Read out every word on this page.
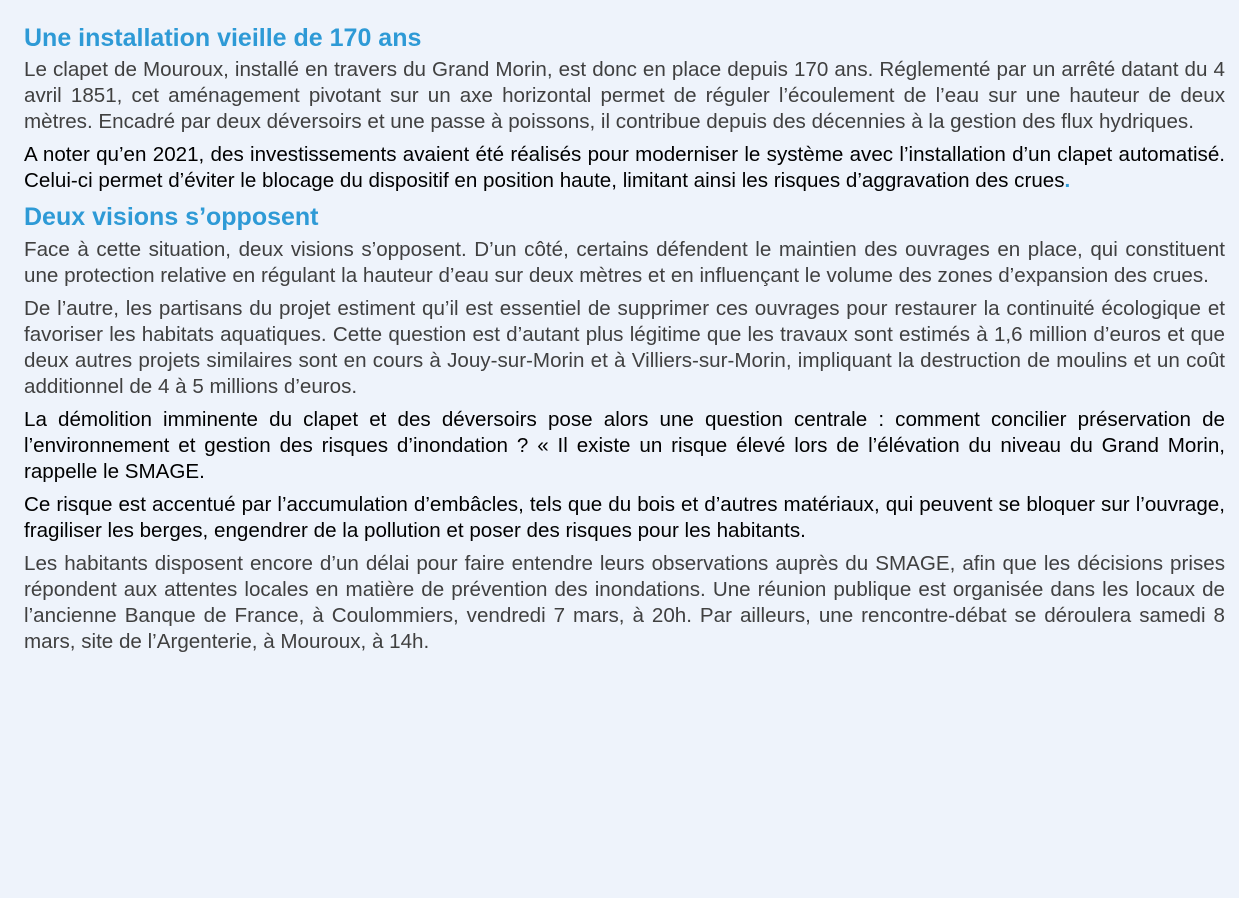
Une installation vieille de 170 ans

Le clapet de Mouroux, installé en travers du Grand Morin, est donc en place depuis 170 ans. Réglementé par un arrêté datant du 4 avril 1851, cet aménagement pivotant sur un axe horizontal permet de réguler l’écoulement de l’eau sur une hauteur de deux mètres. Encadré par deux déversoirs et une passe à poissons, il contribue depuis des décennies à la gestion des flux hydriques.

A noter qu’en 2021, des investissements avaient été réalisés pour moderniser le système avec l’installation d’un clapet automatisé. Celui-ci permet d’éviter le blocage du dispositif en position haute, limitant ainsi les risques d’aggravation des crues.

Deux visions s’opposent

Face à cette situation, deux visions s’opposent. D’un côté, certains défendent le maintien des ouvrages en place, qui constituent une protection relative en régulant la hauteur d’eau sur deux mètres et en influençant le volume des zones d’expansion des crues.

De l’autre, les partisans du projet estiment qu’il est essentiel de supprimer ces ouvrages pour restaurer la continuité écologique et favoriser les habitats aquatiques. Cette question est d’autant plus légitime que les travaux sont estimés à 1,6 million d’euros et que deux autres projets similaires sont en cours à Jouy-sur-Morin et à Villiers-sur-Morin, impliquant la destruction de moulins et un coût additionnel de 4 à 5 millions d’euros.

La démolition imminente du clapet et des déversoirs pose alors une question centrale : comment concilier préservation de l’environnement et gestion des risques d’inondation ? « Il existe un risque élevé lors de l’élévation du niveau du Grand Morin, rappelle le SMAGE.

Ce risque est accentué par l’accumulation d’embâcles, tels que du bois et d’autres matériaux, qui peuvent se bloquer sur l’ouvrage, fragiliser les berges, engendrer de la pollution et poser des risques pour les habitants.

Les habitants disposent encore d’un délai pour faire entendre leurs observations auprès du SMAGE, afin que les décisions prises répondent aux attentes locales en matière de prévention des inondations. Une réunion publique est organisée dans les locaux de l’ancienne Banque de France, à Coulommiers, vendredi 7 mars, à 20h. Par ailleurs, une rencontre-débat se déroulera samedi 8 mars, site de l’Argenterie, à Mouroux, à 14h.
